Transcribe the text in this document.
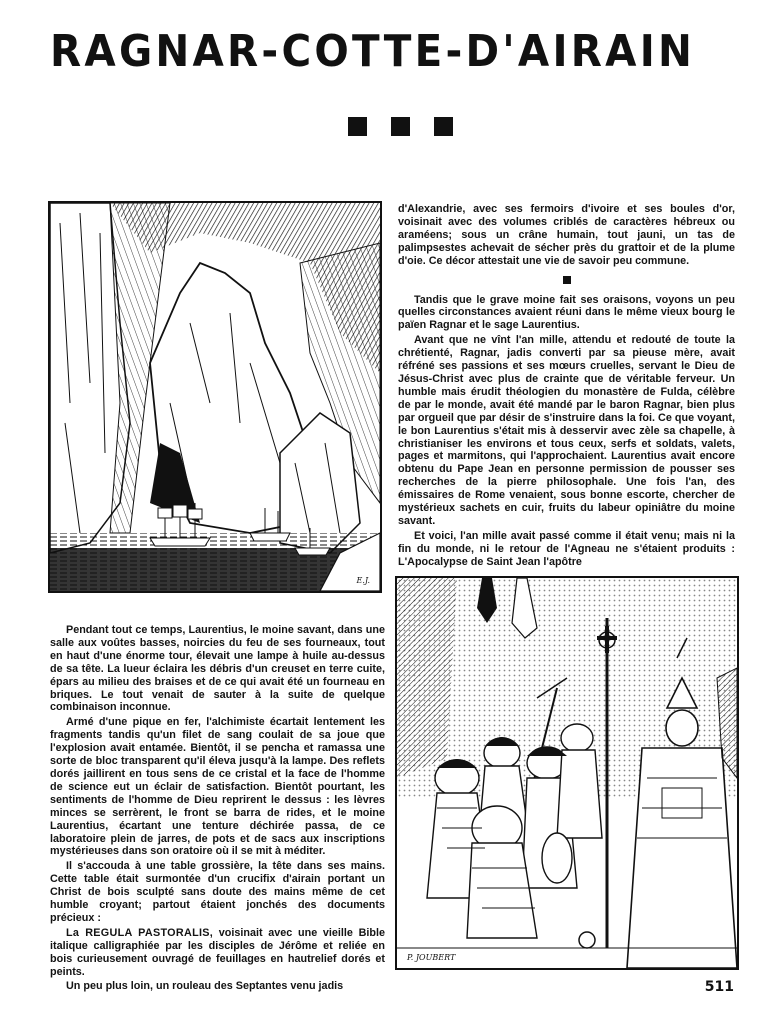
RAGNAR-COTTE-D'AIRAIN
E.J.

d'Alexandrie, avec ses fermoirs d'ivoire et ses boules d'or, voisinait avec des volumes criblés de caractères hébreux ou araméens; sous un crâne humain, tout jauni, un tas de palimpsestes achevait de sécher près du grattoir et de la plume d'oie. Ce décor attestait une vie de savoir peu commune.

Tandis que le grave moine fait ses oraisons, voyons un peu quelles circonstances avaient réuni dans le même vieux bourg le païen Ragnar et le sage Laurentius.

Avant que ne vînt l'an mille, attendu et redouté de toute la chrétienté, Ragnar, jadis converti par sa pieuse mère, avait réfréné ses passions et ses mœurs cruelles, servant le Dieu de Jésus-Christ avec plus de crainte que de véritable ferveur. Un humble mais érudit théologien du monastère de Fulda, célèbre de par le monde, avait été mandé par le baron Ragnar, bien plus par orgueil que par désir de s'instruire dans la foi. Ce que voyant, le bon Laurentius s'était mis à desservir avec zèle sa chapelle, à christianiser les environs et tous ceux, serfs et soldats, valets, pages et marmitons, qui l'approchaient. Laurentius avait encore obtenu du Pape Jean en personne permission de pousser ses recherches de la pierre philosophale. Une fois l'an, des émissaires de Rome venaient, sous bonne escorte, chercher de mystérieux sachets en cuir, fruits du labeur opiniâtre du moine savant.

Et voici, l'an mille avait passé comme il était venu; mais ni la fin du monde, ni le retour de l'Agneau ne s'étaient produits : L'Apocalypse de Saint Jean l'apôtre

P. JOUBERT

Pendant tout ce temps, Laurentius, le moine savant, dans une salle aux voûtes basses, noircies du feu de ses fourneaux, tout en haut d'une énorme tour, élevait une lampe à huile au-dessus de sa tête. La lueur éclaira les débris d'un creuset en terre cuite, épars au milieu des braises et de ce qui avait été un fourneau en briques. Le tout venait de sauter à la suite de quelque combinaison inconnue.

Armé d'une pique en fer, l'alchimiste écartait lentement les fragments tandis qu'un filet de sang coulait de sa joue que l'explosion avait entamée. Bientôt, il se pencha et ramassa une sorte de bloc transparent qu'il éleva jusqu'à la lampe. Des reflets dorés jaillirent en tous sens de ce cristal et la face de l'homme de science eut un éclair de satisfaction. Bientôt pourtant, les sentiments de l'homme de Dieu reprirent le dessus : les lèvres minces se serrèrent, le front se barra de rides, et le moine Laurentius, écartant une tenture déchirée passa, de ce laboratoire plein de jarres, de pots et de sacs aux inscriptions mystérieuses dans son oratoire où il se mit à méditer.

Il s'accouda à une table grossière, la tête dans ses mains. Cette table était surmontée d'un crucifix d'airain portant un Christ de bois sculpté sans doute des mains même de cet humble croyant; partout étaient jonchés des documents précieux :

La REGULA PASTORALIS, voisinait avec une vieille Bible italique calligraphiée par les disciples de Jérôme et reliée en bois curieusement ouvragé de feuillages en hautrelief dorés et peints.

Un peu plus loin, un rouleau des Septantes venu jadis	511
